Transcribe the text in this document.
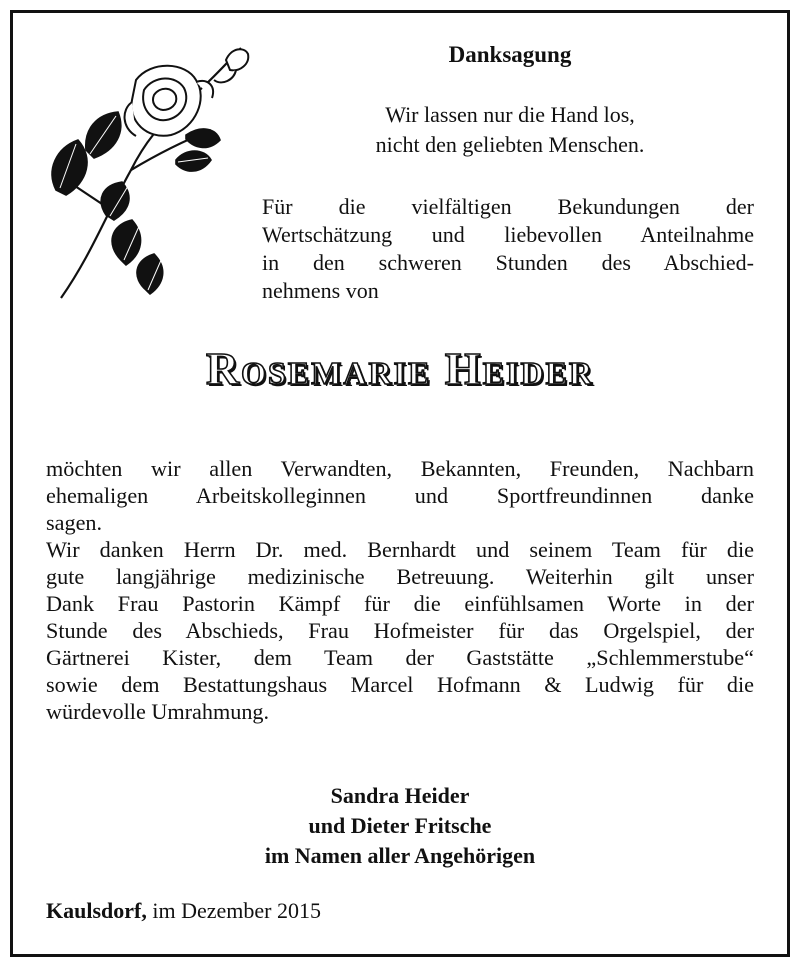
Danksagung
Wir lassen nur die Hand los,
nicht den geliebten Menschen.
Für die vielfältigen Bekundungen der
Wertschätzung und liebevollen Anteilnahme
in den schweren Stunden des Abschied-
nehmens von
Rosemarie Heider

möchten wir allen Verwandten, Bekannten, Freunden, Nachbarn
ehemaligen Arbeitskolleginnen und Sportfreundinnen danke
sagen.

Wir danken Herrn Dr. med. Bernhardt und seinem Team für die
gute langjährige medizinische Betreuung. Weiterhin gilt unser
Dank Frau Pastorin Kämpf für die einfühlsamen Worte in der
Stunde des Abschieds, Frau Hofmeister für das Orgelspiel, der
Gärtnerei Kister, dem Team der Gaststätte „Schlemmerstube“
sowie dem Bestattungshaus Marcel Hofmann & Ludwig für die
würdevolle Umrahmung.

Sandra Heider
und Dieter Fritsche
im Namen aller Angehörigen
Kaulsdorf, im Dezember 2015
